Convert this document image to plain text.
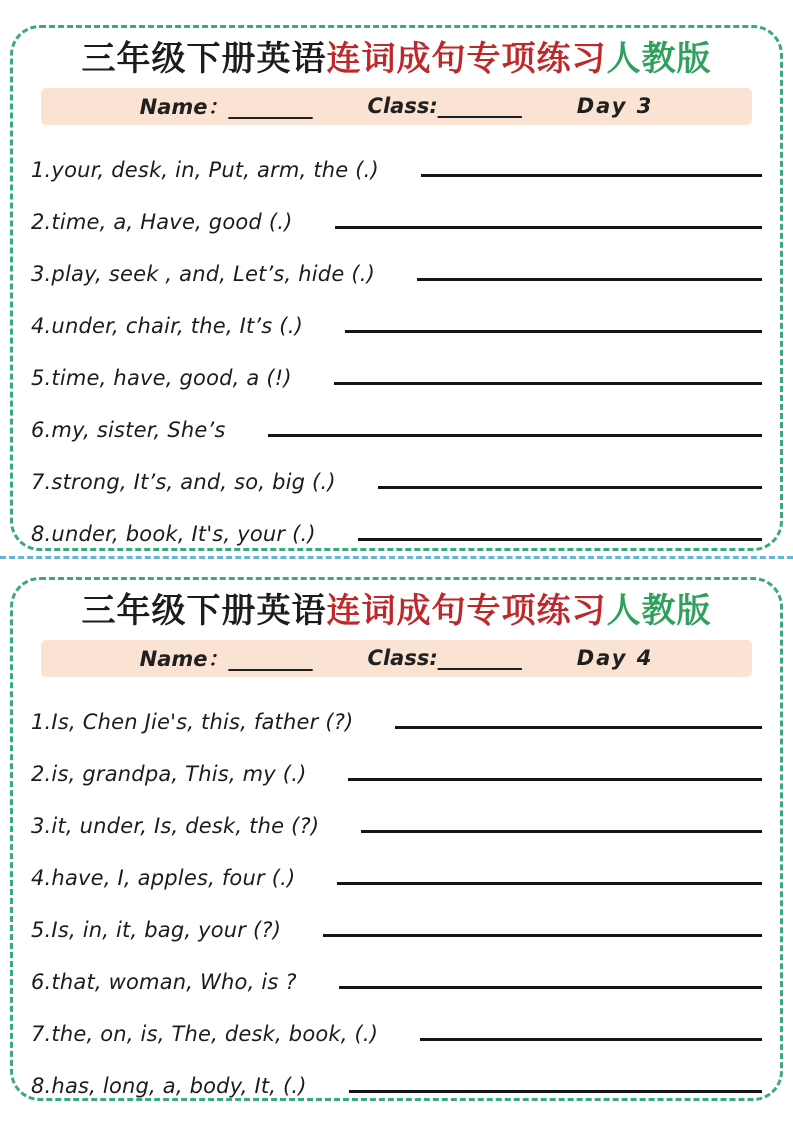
三年级下册英语连词成句专项练习人教版
Name：________	Class:________	Day 3
1.your, desk, in, Put, arm, the (.)
2.time, a, Have, good (.)
3.play, seek , and, Let’s, hide (.)
4.under, chair, the, It’s (.)
5.time, have, good, a (!)
6.my, sister, She’s
7.strong, It’s, and, so, big (.)
8.under, book, It's, your (.)
三年级下册英语连词成句专项练习人教版
Name：________	Class:________	Day 4
1.Is, Chen Jie's, this, father (?)
2.is, grandpa, This, my (.)
3.it, under, Is, desk, the (?)
4.have, I, apples, four (.)
5.Is, in, it, bag, your (?)
6.that, woman, Who, is ?
7.the, on, is, The, desk, book, (.)
8.has, long, a, body, It, (.)
